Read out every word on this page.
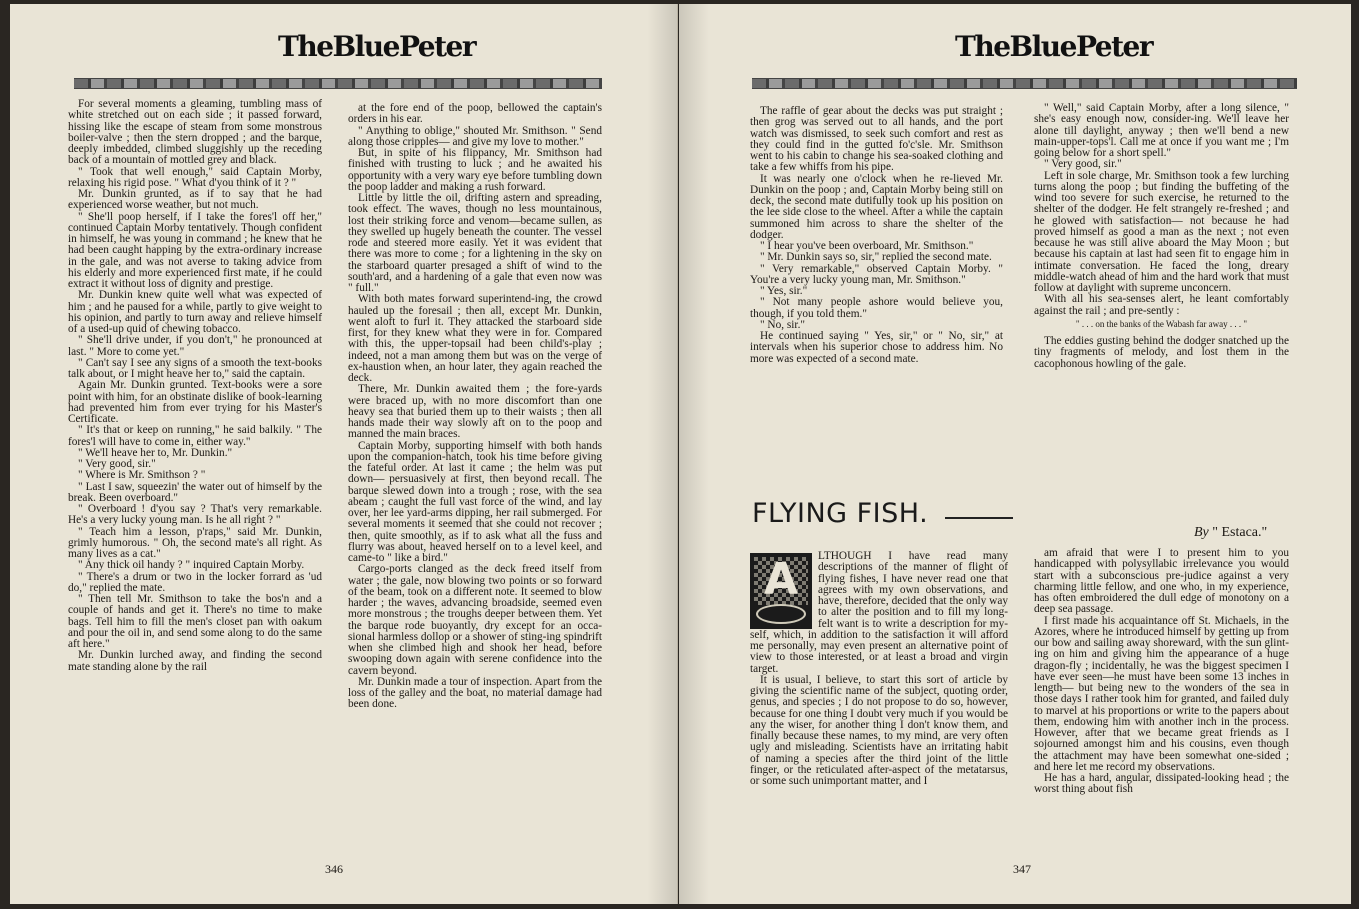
TheBluePeter

For several moments a gleaming, tumbling mass of white stretched out on each side ; it passed forward, hissing like the escape of steam from some monstrous boiler-valve ; then the stern dropped ; and the barque, deeply imbedded, climbed sluggishly up the receding back of a mountain of mottled grey and black.

" Took that well enough," said Captain Morby, relaxing his rigid pose. " What d'you think of it ? "

Mr. Dunkin grunted, as if to say that he had experienced worse weather, but not much.

" She'll poop herself, if I take the fores'l off her," continued Captain Morby tentatively. Though confident in himself, he was young in command ; he knew that he had been caught happing by the extra-ordinary increase in the gale, and was not averse to taking advice from his elderly and more experienced first mate, if he could extract it without loss of dignity and prestige.

Mr. Dunkin knew quite well what was expected of him ; and he paused for a while, partly to give weight to his opinion, and partly to turn away and relieve himself of a used-up quid of chewing tobacco.

" She'll drive under, if you don't," he pronounced at last. " More to come yet."

" Can't say I see any signs of a smooth the text-books talk about, or I might heave her to," said the captain.

Again Mr. Dunkin grunted. Text-books were a sore point with him, for an obstinate dislike of book-learning had prevented him from ever trying for his Master's Certificate.

" It's that or keep on running," he said balkily. " The fores'l will have to come in, either way."

" We'll heave her to, Mr. Dunkin."

" Very good, sir."

" Where is Mr. Smithson ? "

" Last I saw, squeezin' the water out of himself by the break. Been overboard."

" Overboard ! d'you say ? That's very remarkable. He's a very lucky young man. Is he all right ? "

" Teach him a lesson, p'raps," said Mr. Dunkin, grimly humorous. " Oh, the second mate's all right. As many lives as a cat."

" Any thick oil handy ? " inquired Captain Morby.

" There's a drum or two in the locker forrard as 'ud do," replied the mate.

" Then tell Mr. Smithson to take the bos'n and a couple of hands and get it. There's no time to make bags. Tell him to fill the men's closet pan with oakum and pour the oil in, and send some along to do the same aft here."

Mr. Dunkin lurched away, and finding the second mate standing alone by the rail

at the fore end of the poop, bellowed the captain's orders in his ear.

" Anything to oblige," shouted Mr. Smithson. " Send along those cripples— and give my love to mother."

But, in spite of his flippancy, Mr. Smithson had finished with trusting to luck ; and he awaited his opportunity with a very wary eye before tumbling down the poop ladder and making a rush forward.

Little by little the oil, drifting astern and spreading, took effect. The waves, though no less mountainous, lost their striking force and venom—became sullen, as they swelled up hugely beneath the counter. The vessel rode and steered more easily. Yet it was evident that there was more to come ; for a lightening in the sky on the starboard quarter presaged a shift of wind to the south'ard, and a hardening of a gale that even now was " full."

With both mates forward superintend-ing, the crowd hauled up the foresail ; then all, except Mr. Dunkin, went aloft to furl it. They attacked the starboard side first, for they knew what they were in for. Compared with this, the upper-topsail had been child's-play ; indeed, not a man among them but was on the verge of ex-haustion when, an hour later, they again reached the deck.

There, Mr. Dunkin awaited them ; the fore-yards were braced up, with no more discomfort than one heavy sea that buried them up to their waists ; then all hands made their way slowly aft on to the poop and manned the main braces.

Captain Morby, supporting himself with both hands upon the companion-hatch, took his time before giving the fateful order. At last it came ; the helm was put down— persuasively at first, then beyond recall. The barque slewed down into a trough ; rose, with the sea abeam ; caught the full vast force of the wind, and lay over, her lee yard-arms dipping, her rail submerged. For several moments it seemed that she could not recover ; then, quite smoothly, as if to ask what all the fuss and flurry was about, heaved herself on to a level keel, and came-to " like a bird."

Cargo-ports clanged as the deck freed itself from water ; the gale, now blowing two points or so forward of the beam, took on a different note. It seemed to blow harder ; the waves, advancing broadside, seemed even more monstrous ; the troughs deeper between them. Yet the barque rode buoyantly, dry except for an occa-sional harmless dollop or a shower of sting-ing spindrift when she climbed high and shook her head, before swooping down again with serene confidence into the cavern beyond.

Mr. Dunkin made a tour of inspection. Apart from the loss of the galley and the boat, no material damage had been done.

346
TheBluePeter

The raffle of gear about the decks was put straight ; then grog was served out to all hands, and the port watch was dismissed, to seek such comfort and rest as they could find in the gutted fo'c'sle. Mr. Smithson went to his cabin to change his sea-soaked clothing and take a few whiffs from his pipe.

It was nearly one o'clock when he re-lieved Mr. Dunkin on the poop ; and, Captain Morby being still on deck, the second mate dutifully took up his position on the lee side close to the wheel. After a while the captain summoned him across to share the shelter of the dodger.

" I hear you've been overboard, Mr. Smithson."

" Mr. Dunkin says so, sir," replied the second mate.

" Very remarkable," observed Captain Morby. " You're a very lucky young man, Mr. Smithson."

" Yes, sir."

" Not many people ashore would believe you, though, if you told them."

" No, sir."

He continued saying " Yes, sir," or " No, sir," at intervals when his superior chose to address him. No more was expected of a second mate.

" Well," said Captain Morby, after a long silence, " she's easy enough now, consider-ing. We'll leave her alone till daylight, anyway ; then we'll bend a new main-upper-tops'l. Call me at once if you want me ; I'm going below for a short spell."

" Very good, sir."

Left in sole charge, Mr. Smithson took a few lurching turns along the poop ; but finding the buffeting of the wind too severe for such exercise, he returned to the shelter of the dodger. He felt strangely re-freshed ; and he glowed with satisfaction— not because he had proved himself as good a man as the next ; not even because he was still alive aboard the May Moon ; but because his captain at last had seen fit to engage him in intimate conversation. He faced the long, dreary middle-watch ahead of him and the hard work that must follow at daylight with supreme unconcern.

With all his sea-senses alert, he leant comfortably against the rail ; and pre-sently :

" . . . on the banks of the Wabash far away . . . "

The eddies gusting behind the dodger snatched up the tiny fragments of melody, and lost them in the cacophonous howling of the gale.

FLYING FISH.
By " Estaca."
A	LTHOUGH I have read many descriptions of the manner of flight of flying fishes, I have never read one that agrees with my own observations, and have, therefore, decided that the only way to alter the position and to fill my long-felt want is to write a description for my-self, which, in addition to the satisfaction it will afford me personally, may even present an alternative point of view to those interested, or at least a broad and virgin target.

It is usual, I believe, to start this sort of article by giving the scientific name of the subject, quoting order, genus, and species ; I do not propose to do so, however, because for one thing I doubt very much if you would be any the wiser, for another thing I don't know them, and finally because these names, to my mind, are very often ugly and misleading. Scientists have an irritating habit of naming a species after the third joint of the little finger, or the reticulated after-aspect of the metatarsus, or some such unimportant matter, and I

am afraid that were I to present him to you handicapped with polysyllabic irrelevance you would start with a subconscious pre-judice against a very charming little fellow, and one who, in my experience, has often embroidered the dull edge of monotony on a deep sea passage.

I first made his acquaintance off St. Michaels, in the Azores, where he introduced himself by getting up from our bow and sailing away shoreward, with the sun glint-ing on him and giving him the appearance of a huge dragon-fly ; incidentally, he was the biggest specimen I have ever seen—he must have been some 13 inches in length— but being new to the wonders of the sea in those days I rather took him for granted, and failed duly to marvel at his proportions or write to the papers about them, endowing him with another inch in the process. However, after that we became great friends as I sojourned amongst him and his cousins, even though the attachment may have been somewhat one-sided ; and here let me record my observations.

He has a hard, angular, dissipated-looking head ; the worst thing about fish

347
